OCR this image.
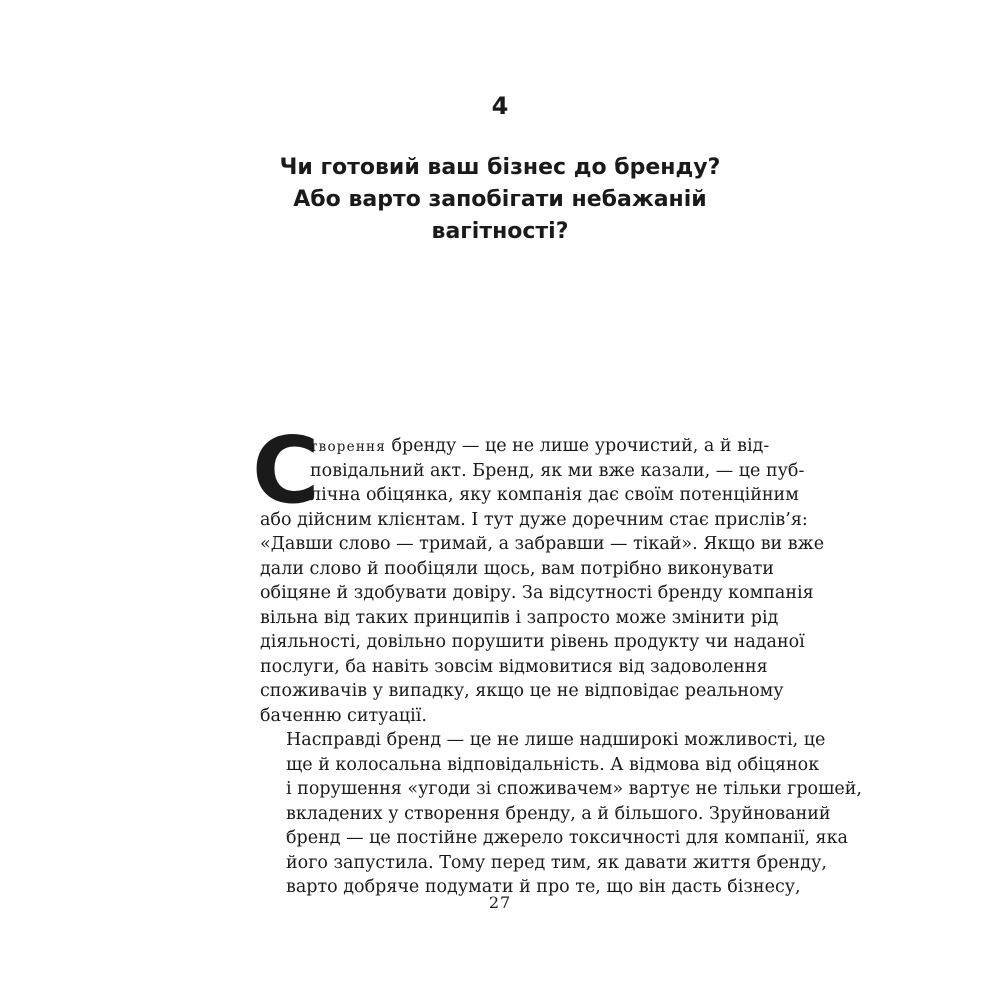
4
Чи готовий ваш бізнес до бренду?
Або варто запобігати небажаній
вагітності?
С
творення бренду — це не лише урочистий, а й від-
повідальний акт. Бренд, як ми вже казали, — це пуб-
лічна обіцянка, яку компанія дає своїм потенційним
або дійсним клієнтам. І тут дуже доречним стає прислів’я:
«Давши слово — тримай, а забравши — тікай». Якщо ви вже
дали слово й пообіцяли щось, вам потрібно виконувати
обіцяне й здобувати довіру. За відсутності бренду компанія
вільна від таких принципів і запросто може змінити рід
діяльності, довільно порушити рівень продукту чи наданої
послуги, ба навіть зовсім відмовитися від задоволення
споживачів у випадку, якщо це не відповідає реальному
баченню ситуації.
Насправді бренд — це не лише надширокі можливості, це
ще й колосальна відповідальність. А відмова від обіцянок
і порушення «угоди зі споживачем» вартує не тільки грошей,
вкладених у створення бренду, а й більшого. Зруйнований
бренд — це постійне джерело токсичності для компанії, яка
його запустила. Тому перед тим, як давати життя бренду,
варто добряче подумати й про те, що він дасть бізнесу,
27
